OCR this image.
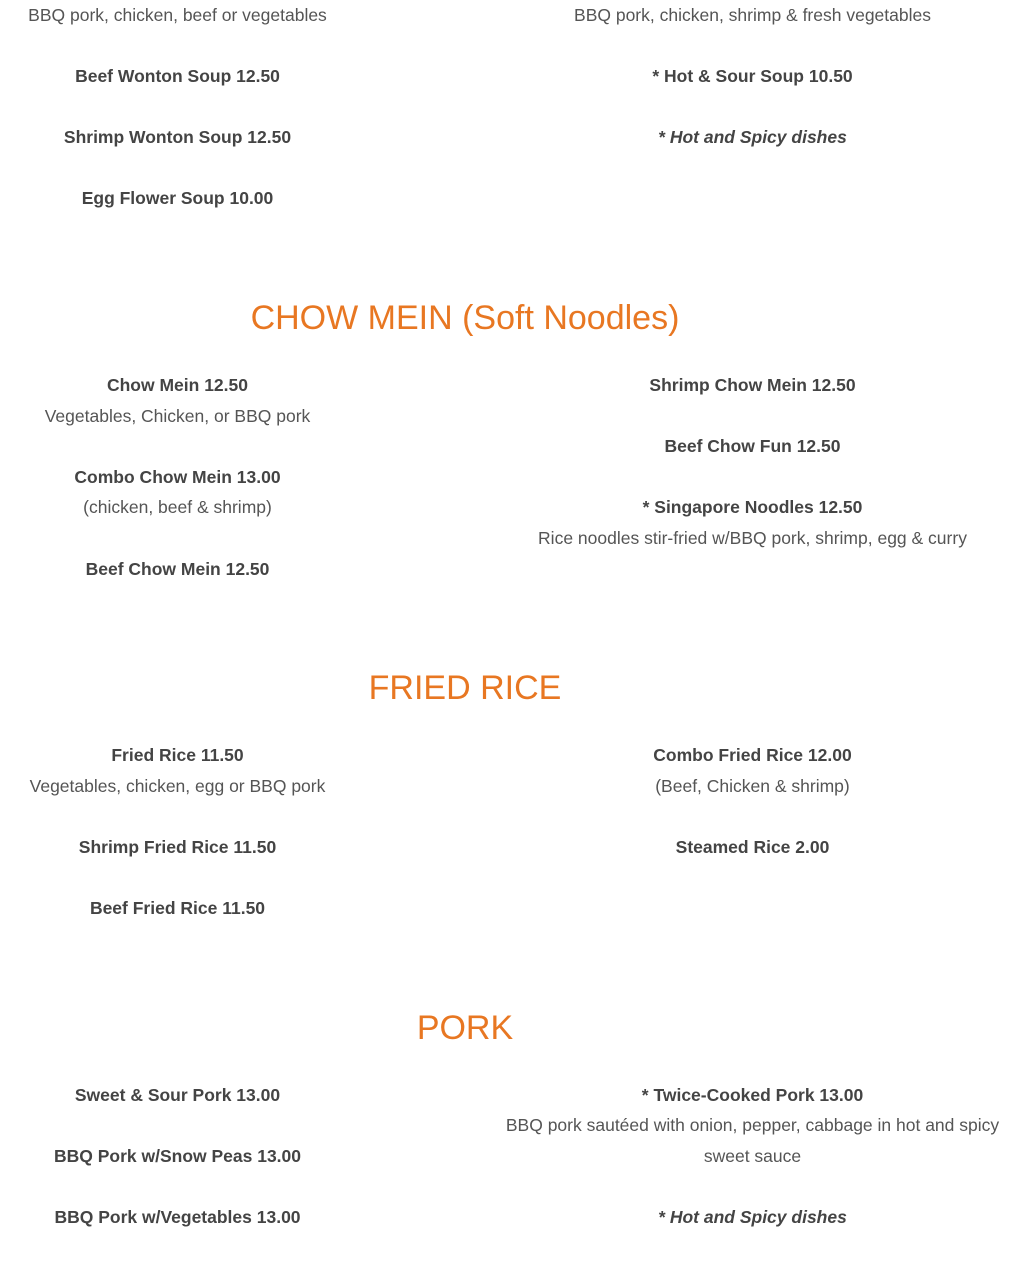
BBQ pork, chicken, beef or vegetables
Beef Wonton Soup 12.50
Shrimp Wonton Soup 12.50
Egg Flower Soup 10.00
BBQ pork, chicken, shrimp & fresh vegetables
* Hot & Sour Soup 10.50
* Hot and Spicy dishes
CHOW MEIN (Soft Noodles)
Chow Mein 12.50
Vegetables, Chicken, or BBQ pork
Combo Chow Mein 13.00
(chicken, beef & shrimp)
Beef Chow Mein 12.50
Shrimp Chow Mein 12.50
Beef Chow Fun 12.50
* Singapore Noodles 12.50
Rice noodles stir-fried w/BBQ pork, shrimp, egg & curry
FRIED RICE
Fried Rice 11.50
Vegetables, chicken, egg or BBQ pork
Shrimp Fried Rice 11.50
Beef Fried Rice 11.50
Combo Fried Rice 12.00
(Beef, Chicken & shrimp)
Steamed Rice 2.00
PORK
Sweet & Sour Pork 13.00
BBQ Pork w/Snow Peas 13.00
BBQ Pork w/Vegetables 13.00
* Twice-Cooked Pork 13.00
BBQ pork sautéed with onion, pepper, cabbage in hot and spicy
sweet sauce
* Hot and Spicy dishes
